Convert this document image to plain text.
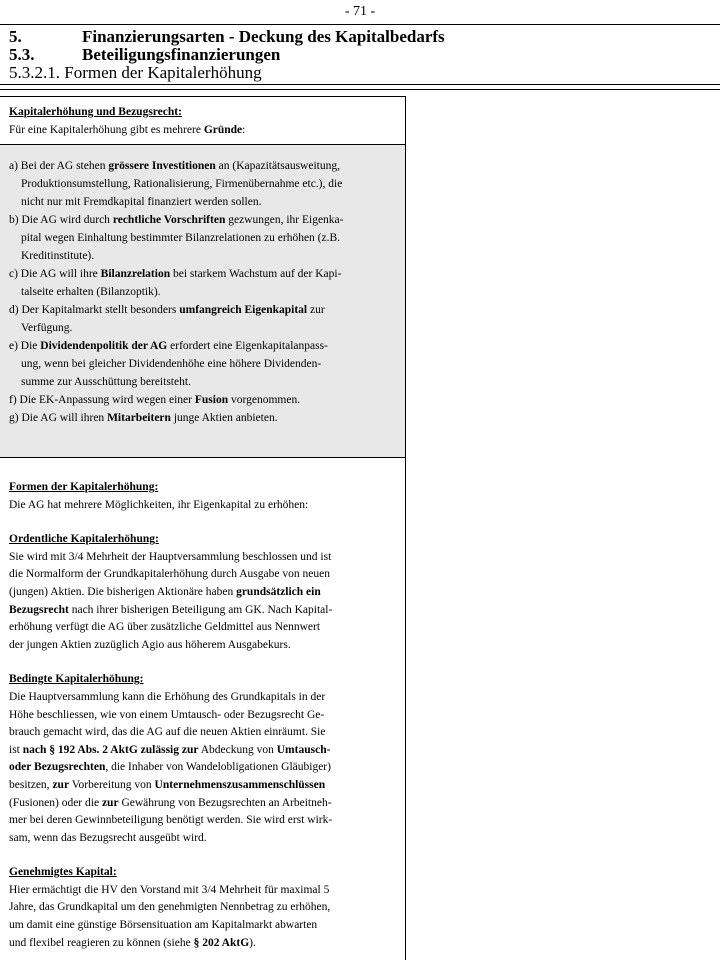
- 71 -
5.	Finanzierungsarten - Deckung des Kapitalbedarfs
5.3.	Beteiligungsfinanzierungen
5.3.2.1. Formen der Kapitalerhöhung
Kapitalerhöhung und Bezugsrecht:
Für eine Kapitalerhöhung gibt es mehrere Gründe:
a) Bei der AG stehen grössere Investitionen an (Kapazitätsausweitung,
Produktionsumstellung, Rationalisierung, Firmenübernahme etc.), die
nicht nur mit Fremdkapital finanziert werden sollen.
b) Die AG wird durch rechtliche Vorschriften gezwungen, ihr Eigenka-
pital wegen Einhaltung bestimmter Bilanzrelationen zu erhöhen (z.B.
Kreditinstitute).
c) Die AG will ihre Bilanzrelation bei starkem Wachstum auf der Kapi-
talseite erhalten (Bilanzoptik).
d) Der Kapitalmarkt stellt besonders umfangreich Eigenkapital zur
Verfügung.
e) Die Dividendenpolitik der AG erfordert eine Eigenkapitalanpass-
ung, wenn bei gleicher Dividendenhöhe eine höhere Dividenden-
summe zur Ausschüttung bereitsteht.
f) Die EK-Anpassung wird wegen einer Fusion vorgenommen.
g) Die AG will ihren Mitarbeitern junge Aktien anbieten.
Formen der Kapitalerhöhung:
Die AG hat mehrere Möglichkeiten, ihr Eigenkapital zu erhöhen:
Ordentliche Kapitalerhöhung:
Sie wird mit 3/4 Mehrheit der Hauptversammlung beschlossen und ist
die Normalform der Grundkapitalerhöhung durch Ausgabe von neuen
(jungen) Aktien. Die bisherigen Aktionäre haben grundsätzlich ein
Bezugsrecht nach ihrer bisherigen Beteiligung am GK. Nach Kapital-
erhöhung verfügt die AG über zusätzliche Geldmittel aus Nennwert
der jungen Aktien zuzüglich Agio aus höherem Ausgabekurs.
Bedingte Kapitalerhöhung:
Die Hauptversammlung kann die Erhöhung des Grundkapitals in der
Höhe beschliessen, wie von einem Umtausch- oder Bezugsrecht Ge-
brauch gemacht wird, das die AG auf die neuen Aktien einräumt. Sie
ist nach § 192 Abs. 2 AktG zulässig zur Abdeckung von Umtausch-
oder Bezugsrechten, die Inhaber von Wandelobligationen Gläubiger)
besitzen, zur Vorbereitung von Unternehmenszusammenschlüssen
(Fusionen) oder die zur Gewährung von Bezugsrechten an Arbeitneh-
mer bei deren Gewinnbeteiligung benötigt werden. Sie wird erst wirk-
sam, wenn das Bezugsrecht ausgeübt wird.
Genehmigtes Kapital:
Hier ermächtigt die HV den Vorstand mit 3/4 Mehrheit für maximal 5
Jahre, das Grundkapital um den genehmigten Nennbetrag zu erhöhen,
um damit eine günstige Börsensituation am Kapitalmarkt abwarten
und flexibel reagieren zu können (siehe § 202 AktG).
